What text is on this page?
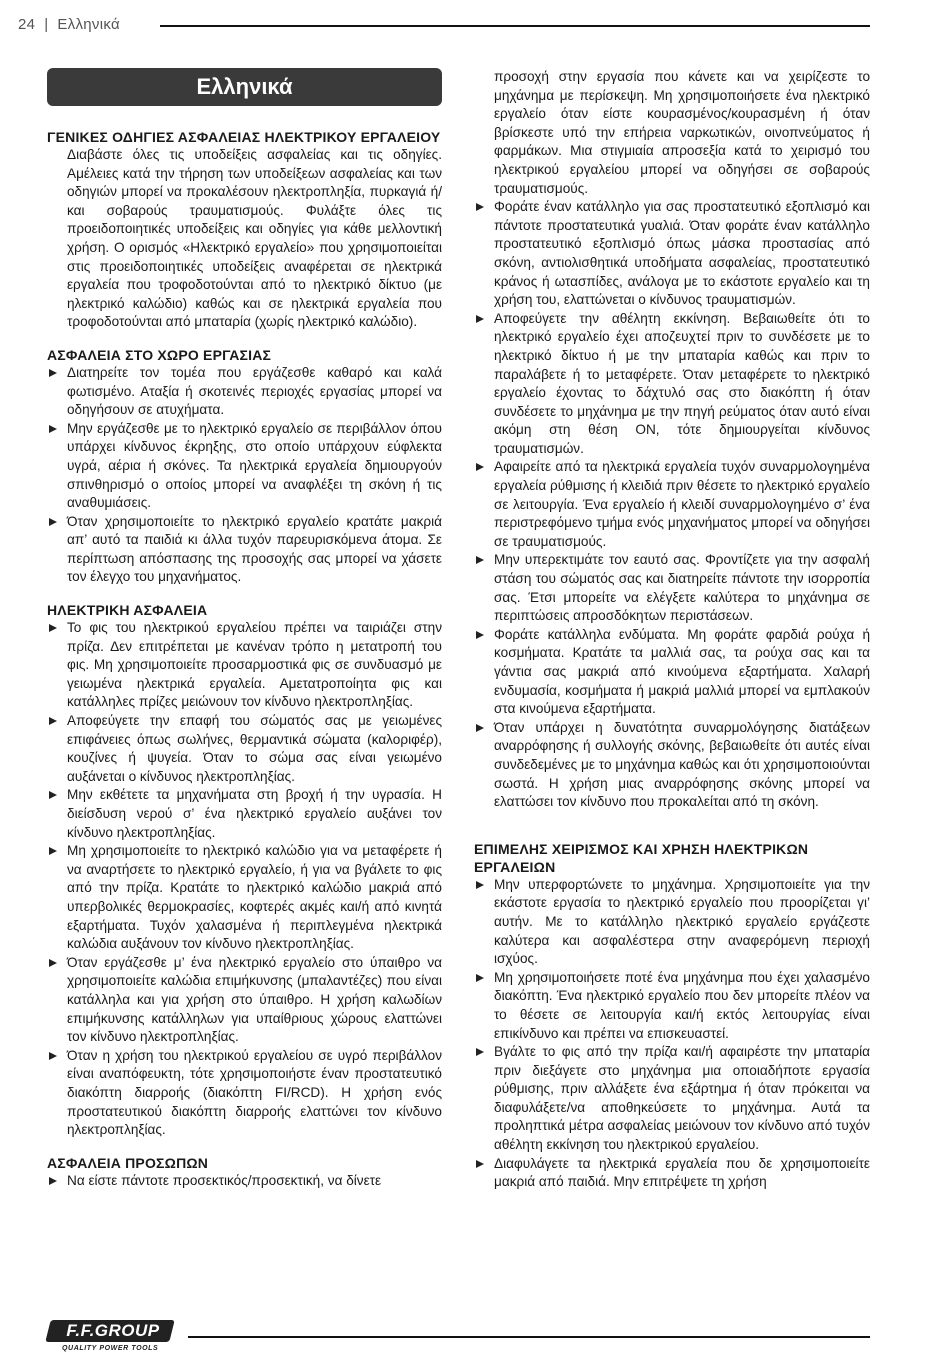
24 | Ελληνικά
Ελληνικά
ΓΕΝΙΚΕΣ ΟΔΗΓΙΕΣ ΑΣΦΑΛΕΙΑΣ ΗΛΕΚΤΡΙΚΟΥ ΕΡΓΑΛΕΙΟΥ

Διαβάστε όλες τις υποδείξεις ασφαλείας και τις οδηγίες. Αμέλειες κατά την τήρηση των υποδείξεων ασφαλείας και των οδηγιών μπορεί να προκαλέσουν ηλεκτροπληξία, πυρκαγιά ή/και σοβαρούς τραυματισμούς. Φυλάξτε όλες τις προειδοποιητικές υποδείξεις και οδηγίες για κάθε μελλοντική χρήση. Ο ορισμός «Ηλεκτρικό εργαλείο» που χρησιμοποιείται στις προειδοποιητικές υποδείξεις αναφέρεται σε ηλεκτρικά εργαλεία που τροφοδοτούνται από το ηλεκτρικό δίκτυο (με ηλεκτρικό καλώδιο) καθώς και σε ηλεκτρικά εργαλεία που τροφοδοτούνται από μπαταρία (χωρίς ηλεκτρικό καλώδιο).

ΑΣΦΑΛΕΙΑ ΣΤΟ ΧΩΡΟ ΕΡΓΑΣΙΑΣ
Διατηρείτε τον τομέα που εργάζεσθε καθαρό και καλά φωτισμένο. Αταξία ή σκοτεινές περιοχές εργασίας μπορεί να οδηγήσουν σε ατυχήματα.
Μην εργάζεσθε με το ηλεκτρικό εργαλείο σε περιβάλλον όπου υπάρχει κίνδυνος έκρηξης, στο οποίο υπάρχουν εύφλεκτα υγρά, αέρια ή σκόνες. Τα ηλεκτρικά εργαλεία δημιουργούν σπινθηρισμό ο οποίος μπορεί να αναφλέξει τη σκόνη ή τις αναθυμιάσεις.
Όταν χρησιμοποιείτε το ηλεκτρικό εργαλείο κρατάτε μακριά απ’ αυτό τα παιδιά κι άλλα τυχόν παρευρισκόμενα άτομα. Σε περίπτωση απόσπασης της προσοχής σας μπορεί να χάσετε τον έλεγχο του μηχανήματος.
ΗΛΕΚΤΡΙΚΗ ΑΣΦΑΛΕΙΑ
Το φις του ηλεκτρικού εργαλείου πρέπει να ταιριάζει στην πρίζα. Δεν επιτρέπεται με κανέναν τρόπο η μετατροπή του φις. Μη χρησιμοποιείτε προσαρμοστικά φις σε συνδυασμό με γειωμένα ηλεκτρικά εργαλεία. Αμετατροποίητα φις και κατάλληλες πρίζες μειώνουν τον κίνδυνο ηλεκτροπληξίας.
Αποφεύγετε την επαφή του σώματός σας με γειωμένες επιφάνειες όπως σωλήνες, θερμαντικά σώματα (καλοριφέρ), κουζίνες ή ψυγεία. Όταν το σώμα σας είναι γειωμένο αυξάνεται ο κίνδυνος ηλεκτροπληξίας.
Μην εκθέτετε τα μηχανήματα στη βροχή ή την υγρασία. Η διείσδυση νερού σ’ ένα ηλεκτρικό εργαλείο αυξάνει τον κίνδυνο ηλεκτροπληξίας.
Μη χρησιμοποιείτε το ηλεκτρικό καλώδιο για να μεταφέρετε ή να αναρτήσετε το ηλεκτρικό εργαλείο, ή για να βγάλετε το φις από την πρίζα. Κρατάτε το ηλεκτρικό καλώδιο μακριά από υπερβολικές θερμοκρασίες, κοφτερές ακμές και/ή από κινητά εξαρτήματα. Τυχόν χαλασμένα ή περιπλεγμένα ηλεκτρικά καλώδια αυξάνουν τον κίνδυνο ηλεκτροπληξίας.
Όταν εργάζεσθε μ’ ένα ηλεκτρικό εργαλείο στο ύπαιθρο να χρησιμοποιείτε καλώδια επιμήκυνσης (μπαλαντέζες) που είναι κατάλληλα και για χρήση στο ύπαιθρο. Η χρήση καλωδίων επιμήκυνσης κατάλληλων για υπαίθριους χώρους ελαττώνει τον κίνδυνο ηλεκτροπληξίας.
Όταν η χρήση του ηλεκτρικού εργαλείου σε υγρό περιβάλλον είναι αναπόφευκτη, τότε χρησιμοποιήστε έναν προστατευτικό διακόπτη διαρροής (διακόπτη FI/RCD). Η χρήση ενός προστατευτικού διακόπτη διαρροής ελαττώνει τον κίνδυνο ηλεκτροπληξίας.
ΑΣΦΑΛΕΙΑ ΠΡΟΣΩΠΩΝ
Να είστε πάντοτε προσεκτικός/προσεκτική, να δίνετε

προσοχή στην εργασία που κάνετε και να χειρίζεστε το μηχάνημα με περίσκεψη. Μη χρησιμοποιήσετε ένα ηλεκτρικό εργαλείο όταν είστε κουρασμένος/κουρασμένη ή όταν βρίσκεστε υπό την επήρεια ναρκωτικών, οινοπνεύματος ή φαρμάκων. Μια στιγμιαία απροσεξία κατά το χειρισμό του ηλεκτρικού εργαλείου μπορεί να οδηγήσει σε σοβαρούς τραυματισμούς.

Φοράτε έναν κατάλληλο για σας προστατευτικό εξοπλισμό και πάντοτε προστατευτικά γυαλιά. Όταν φοράτε έναν κατάλληλο προστατευτικό εξοπλισμό όπως μάσκα προστασίας από σκόνη, αντιολισθητικά υποδήματα ασφαλείας, προστατευτικό κράνος ή ωτασπίδες, ανάλογα με το εκάστοτε εργαλείο και τη χρήση του, ελαττώνεται ο κίνδυνος τραυματισμών.
Αποφεύγετε την αθέλητη εκκίνηση. Βεβαιωθείτε ότι το ηλεκτρικό εργαλείο έχει αποζευχτεί πριν το συνδέσετε με το ηλεκτρικό δίκτυο ή με την μπαταρία καθώς και πριν το παραλάβετε ή το μεταφέρετε. Όταν μεταφέρετε το ηλεκτρικό εργαλείο έχοντας το δάχτυλό σας στο διακόπτη ή όταν συνδέσετε το μηχάνημα με την πηγή ρεύματος όταν αυτό είναι ακόμη στη θέση ON, τότε δημιουργείται κίνδυνος τραυματισμών.
Αφαιρείτε από τα ηλεκτρικά εργαλεία τυχόν συναρμολογημένα εργαλεία ρύθμισης ή κλειδιά πριν θέσετε το ηλεκτρικό εργαλείο σε λειτουργία. Ένα εργαλείο ή κλειδί συναρμολογημένο σ’ ένα περιστρεφόμενο τμήμα ενός μηχανήματος μπορεί να οδηγήσει σε τραυματισμούς.
Μην υπερεκτιμάτε τον εαυτό σας. Φροντίζετε για την ασφαλή στάση του σώματός σας και διατηρείτε πάντοτε την ισορροπία σας. Έτσι μπορείτε να ελέγξετε καλύτερα το μηχάνημα σε περιπτώσεις απροσδόκητων περιστάσεων.
Φοράτε κατάλληλα ενδύματα. Μη φοράτε φαρδιά ρούχα ή κοσμήματα. Κρατάτε τα μαλλιά σας, τα ρούχα σας και τα γάντια σας μακριά από κινούμενα εξαρτήματα. Χαλαρή ενδυμασία, κοσμήματα ή μακριά μαλλιά μπορεί να εμπλακούν στα κινούμενα εξαρτήματα.
Όταν υπάρχει η δυνατότητα συναρμολόγησης διατάξεων αναρρόφησης ή συλλογής σκόνης, βεβαιωθείτε ότι αυτές είναι συνδεδεμένες με το μηχάνημα καθώς και ότι χρησιμοποιούνται σωστά. Η χρήση μιας αναρρόφησης σκόνης μπορεί να ελαττώσει τον κίνδυνο που προκαλείται από τη σκόνη.
ΕΠΙΜΕΛΗΣ ΧΕΙΡΙΣΜΟΣ ΚΑΙ ΧΡΗΣΗ ΗΛΕΚΤΡΙΚΩΝ ΕΡΓΑΛΕΙΩΝ
Μην υπερφορτώνετε το μηχάνημα. Χρησιμοποιείτε για την εκάστοτε εργασία το ηλεκτρικό εργαλείο που προορίζεται γι’ αυτήν. Με το κατάλληλο ηλεκτρικό εργαλείο εργάζεστε καλύτερα και ασφαλέστερα στην αναφερόμενη περιοχή ισχύος.
Μη χρησιμοποιήσετε ποτέ ένα μηχάνημα που έχει χαλασμένο διακόπτη. Ένα ηλεκτρικό εργαλείο που δεν μπορείτε πλέον να το θέσετε σε λειτουργία και/ή εκτός λειτουργίας είναι επικίνδυνο και πρέπει να επισκευαστεί.
Βγάλτε το φις από την πρίζα και/ή αφαιρέστε την μπαταρία πριν διεξάγετε στο μηχάνημα μια οποιαδήποτε εργασία ρύθμισης, πριν αλλάξετε ένα εξάρτημα ή όταν πρόκειται να διαφυλάξετε/να αποθηκεύσετε το μηχάνημα. Αυτά τα προληπτικά μέτρα ασφαλείας μειώνουν τον κίνδυνο από τυχόν αθέλητη εκκίνηση του ηλεκτρικού εργαλείου.
Διαφυλάγετε τα ηλεκτρικά εργαλεία που δε χρησιμοποιείτε μακριά από παιδιά. Μην επιτρέψετε τη χρήση
F.F.GROUP
QUALITY POWER TOOLS
